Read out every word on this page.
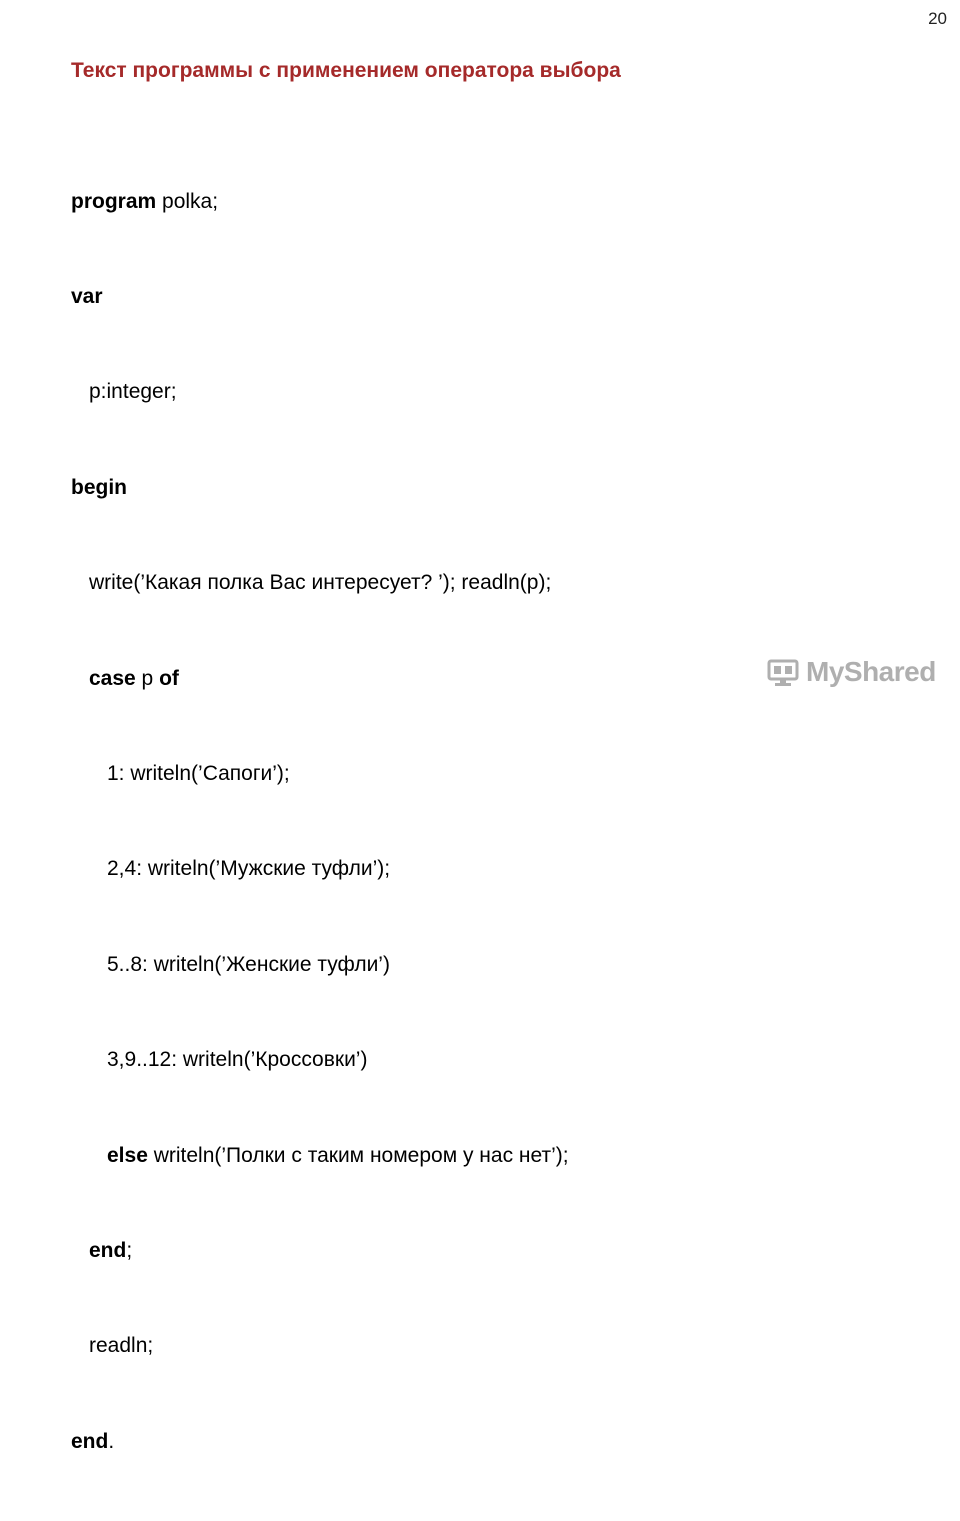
20
Текст программы с применением оператора выбора

program polka;

var

p:integer;

begin

write(’Какая полка Вас интересует? ’); readln(p);

case p of

1: writeln(’Сапоги’);

2,4: writeln(’Мужские туфли’);

5..8: writeln(’Женские туфли’)

3,9..12: writeln(’Кроссовки’)

else writeln(’Полки с таким номером у нас нет’);

end;

readln;

end.

MyShared
